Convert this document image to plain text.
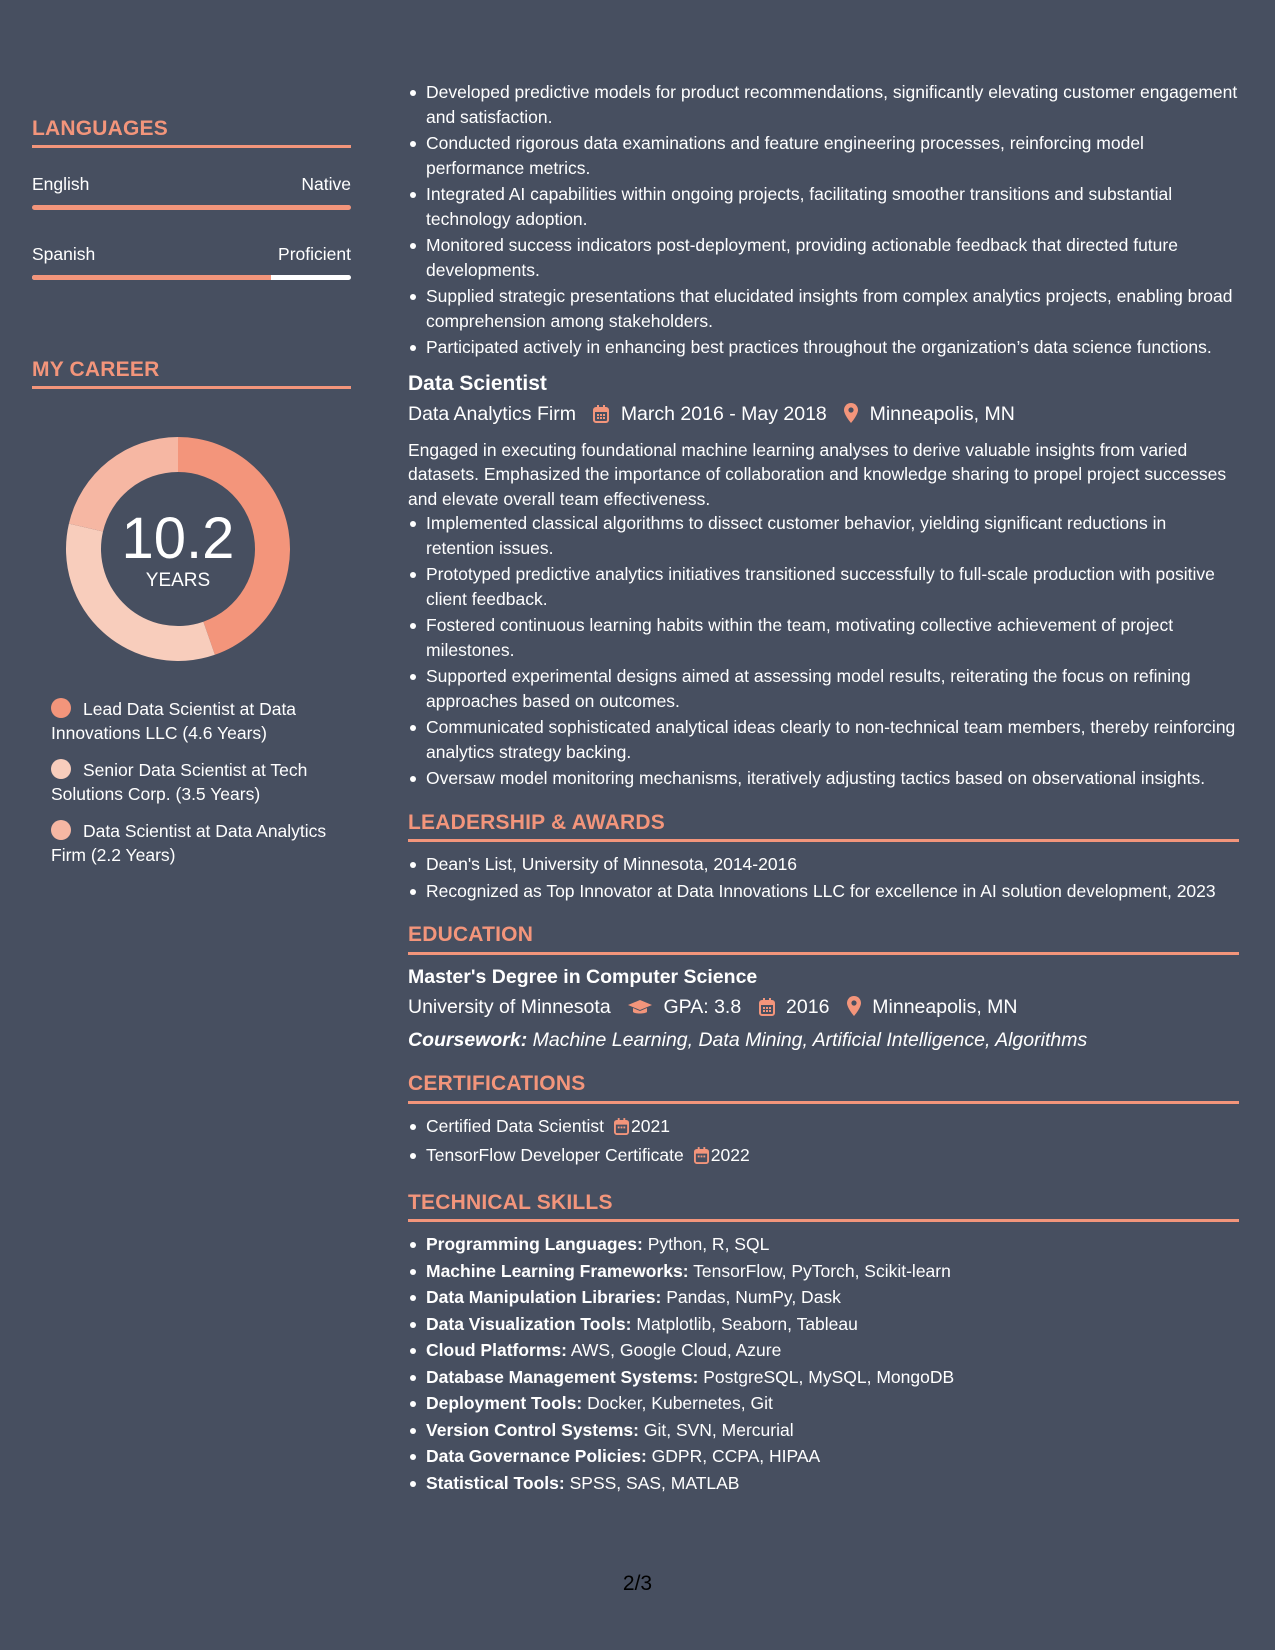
LANGUAGES
English	Native
Spanish	Proficient
MY CAREER
10.2
YEARS
Lead Data Scientist at Data Innovations LLC (4.6 Years)
Senior Data Scientist at Tech Solutions Corp. (3.5 Years)
Data Scientist at Data Analytics Firm (2.2 Years)
Developed predictive models for product recommendations, significantly elevating customer engagement and satisfaction.
Conducted rigorous data examinations and feature engineering processes, reinforcing model performance metrics.
Integrated AI capabilities within ongoing projects, facilitating smoother transitions and substantial technology adoption.
Monitored success indicators post-deployment, providing actionable feedback that directed future developments.
Supplied strategic presentations that elucidated insights from complex analytics projects, enabling broad comprehension among stakeholders.
Participated actively in enhancing best practices throughout the organization’s data science functions.
Data Scientist
Data Analytics Firm March 2016 - May 2018 Minneapolis, MN
Engaged in executing foundational machine learning analyses to derive valuable insights from varied datasets. Emphasized the importance of collaboration and knowledge sharing to propel project successes and elevate overall team effectiveness.
Implemented classical algorithms to dissect customer behavior, yielding significant reductions in retention issues.
Prototyped predictive analytics initiatives transitioned successfully to full-scale production with positive client feedback.
Fostered continuous learning habits within the team, motivating collective achievement of project milestones.
Supported experimental designs aimed at assessing model results, reiterating the focus on refining approaches based on outcomes.
Communicated sophisticated analytical ideas clearly to non-technical team members, thereby reinforcing analytics strategy backing.
Oversaw model monitoring mechanisms, iteratively adjusting tactics based on observational insights.
LEADERSHIP & AWARDS
Dean's List, University of Minnesota, 2014-2016
Recognized as Top Innovator at Data Innovations LLC for excellence in AI solution development, 2023
EDUCATION
Master's Degree in Computer Science
University of Minnesota	GPA: 3.8 2016 Minneapolis, MN
Coursework: Machine Learning, Data Mining, Artificial Intelligence, Algorithms
CERTIFICATIONS
Certified Data Scientist 2021
TensorFlow Developer Certificate 2022
TECHNICAL SKILLS
Programming Languages: Python, R, SQL
Machine Learning Frameworks: TensorFlow, PyTorch, Scikit-learn
Data Manipulation Libraries: Pandas, NumPy, Dask
Data Visualization Tools: Matplotlib, Seaborn, Tableau
Cloud Platforms: AWS, Google Cloud, Azure
Database Management Systems: PostgreSQL, MySQL, MongoDB
Deployment Tools: Docker, Kubernetes, Git
Version Control Systems: Git, SVN, Mercurial
Data Governance Policies: GDPR, CCPA, HIPAA
Statistical Tools: SPSS, SAS, MATLAB
2/3
